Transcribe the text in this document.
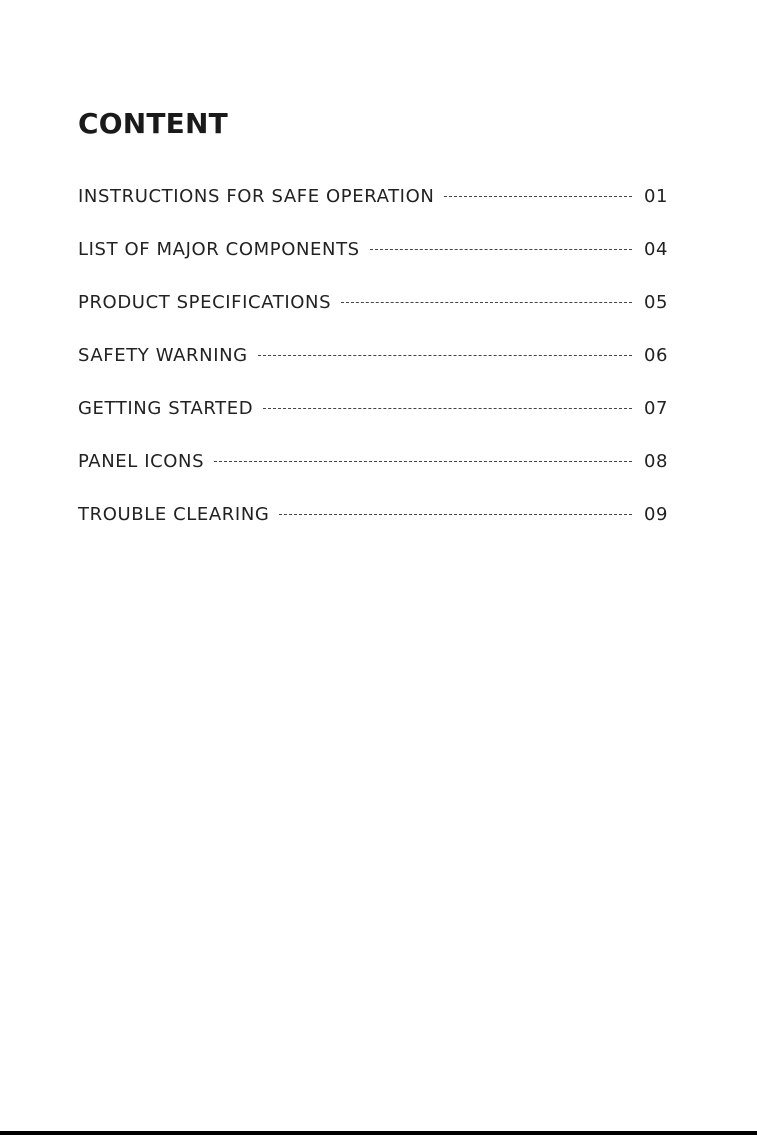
CONTENT
INSTRUCTIONS FOR SAFE OPERATION	01
LIST OF MAJOR COMPONENTS	04
PRODUCT SPECIFICATIONS	05
SAFETY WARNING	06
GETTING STARTED	07
PANEL ICONS	08
TROUBLE CLEARING	09
